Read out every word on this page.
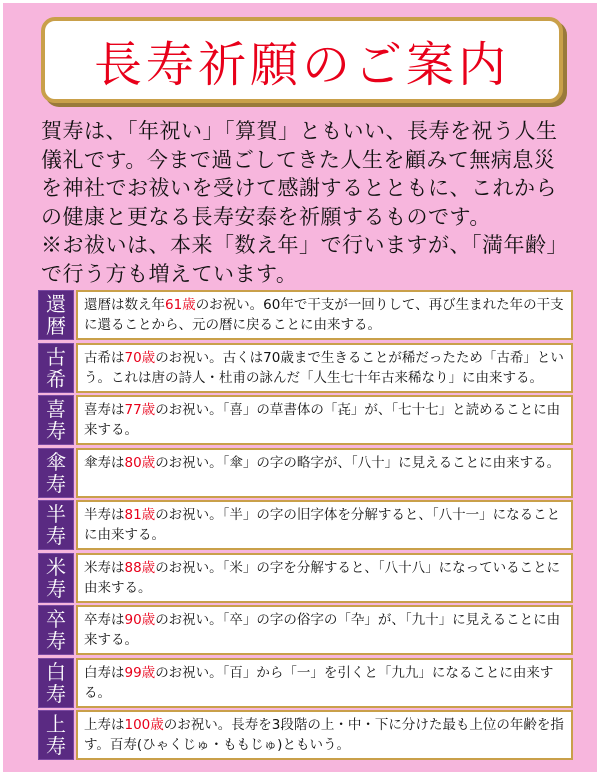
長寿祈願のご案内

賀寿は、「年祝い」「算賀」ともいい、長寿を祝う人生儀礼です。今まで過ごしてきた人生を顧みて無病息災を神社でお祓いを受けて感謝するとともに、これからの健康と更なる長寿安泰を祈願するものです。

※お祓いは、本来「数え年」で行いますが、「満年齢」で行う方も増えています。

還
暦
還暦は数え年61歳のお祝い。60年で干支が一回りして、再び生まれた年の干支に還ることから、元の暦に戻ることに由来する。
古
希
古希は70歳のお祝い。古くは70歳まで生きることが稀だったため「古希」という。これは唐の詩人・杜甫の詠んだ「人生七十年古来稀なり」に由来する。
喜
寿
喜寿は77歳のお祝い。「喜」の草書体の「㐂」が、「七十七」と読めることに由来する。
傘
寿
傘寿は80歳のお祝い。「傘」の字の略字が、「八十」に見えることに由来する。
半
寿
半寿は81歳のお祝い。「半」の字の旧字体を分解すると、「八十一」になることに由来する。
米
寿
米寿は88歳のお祝い。「米」の字を分解すると、「八十八」になっていることに由来する。
卒
寿
卒寿は90歳のお祝い。「卒」の字の俗字の「卆」が、「九十」に見えることに由来する。
白
寿
白寿は99歳のお祝い。「百」から「一」を引くと「九九」になることに由来する。
上
寿
上寿は100歳のお祝い。長寿を3段階の上・中・下に分けた最も上位の年齢を指す。百寿(ひゃくじゅ・ももじゅ)ともいう。
